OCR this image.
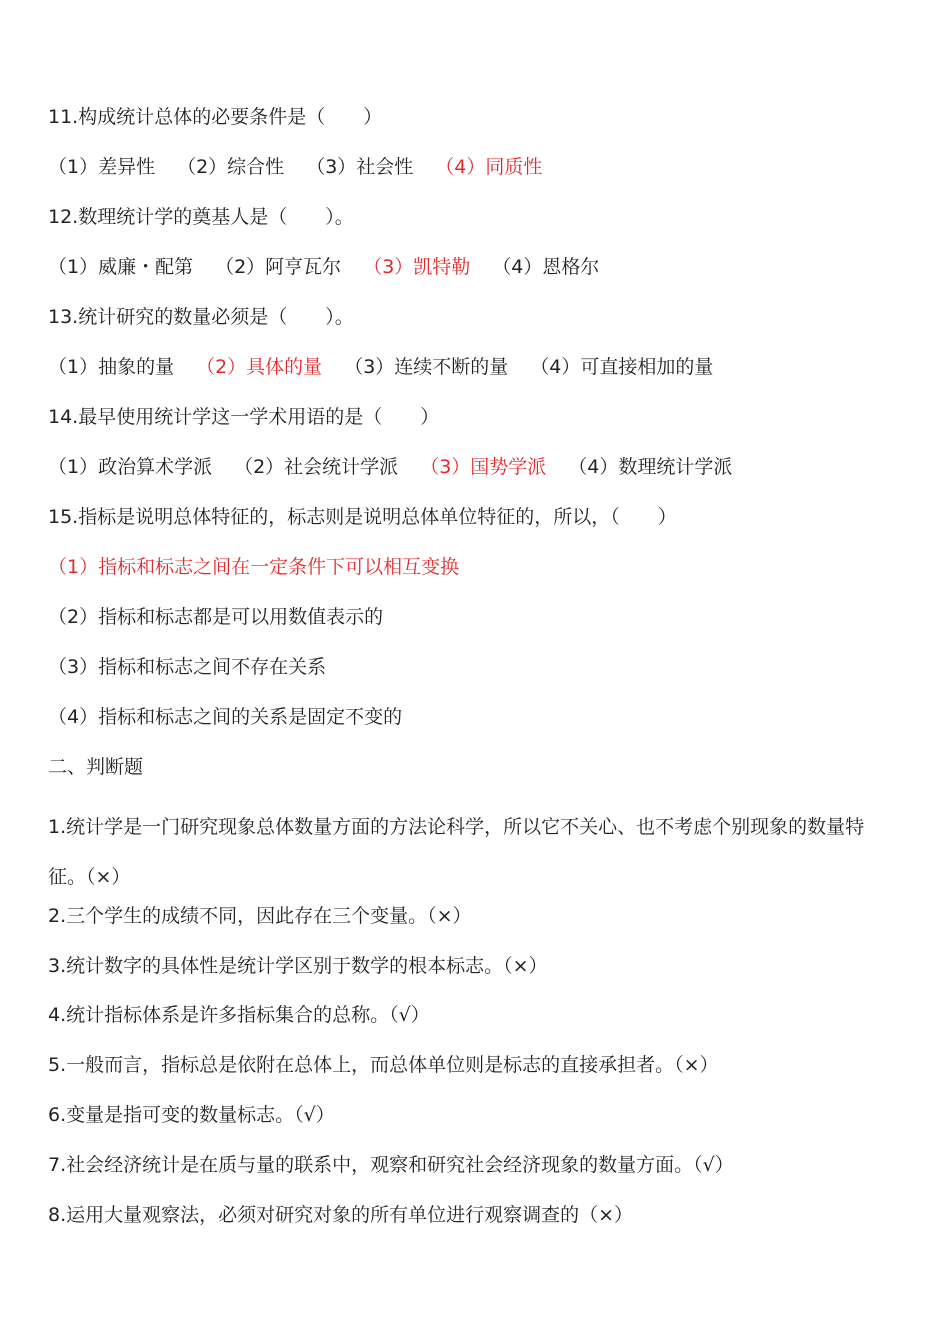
11.构成统计总体的必要条件是（　　）
（1）差异性 （2）综合性 （3）社会性 （4）同质性
12.数理统计学的奠基人是（　　）。
（1）威廉・配第 （2）阿亨瓦尔 （3）凯特勒 （4）恩格尔
13.统计研究的数量必须是（　　）。
（1）抽象的量 （2）具体的量 （3）连续不断的量 （4）可直接相加的量
14.最早使用统计学这一学术用语的是（　　）
（1）政治算术学派 （2）社会统计学派 （3）国势学派 （4）数理统计学派
15.指标是说明总体特征的，标志则是说明总体单位特征的，所以，（　　）
（1）指标和标志之间在一定条件下可以相互变换
（2）指标和标志都是可以用数值表示的
（3）指标和标志之间不存在关系
（4）指标和标志之间的关系是固定不变的
二、判断题
1.统计学是一门研究现象总体数量方面的方法论科学，所以它不关心、也不考虑个别现象的数量特征。（×）
2.三个学生的成绩不同，因此存在三个变量。（×）
3.统计数字的具体性是统计学区别于数学的根本标志。（×）
4.统计指标体系是许多指标集合的总称。（√）
5.一般而言，指标总是依附在总体上，而总体单位则是标志的直接承担者。（×）
6.变量是指可变的数量标志。（√）
7.社会经济统计是在质与量的联系中，观察和研究社会经济现象的数量方面。（√）
8.运用大量观察法，必须对研究对象的所有单位进行观察调查的（×）
